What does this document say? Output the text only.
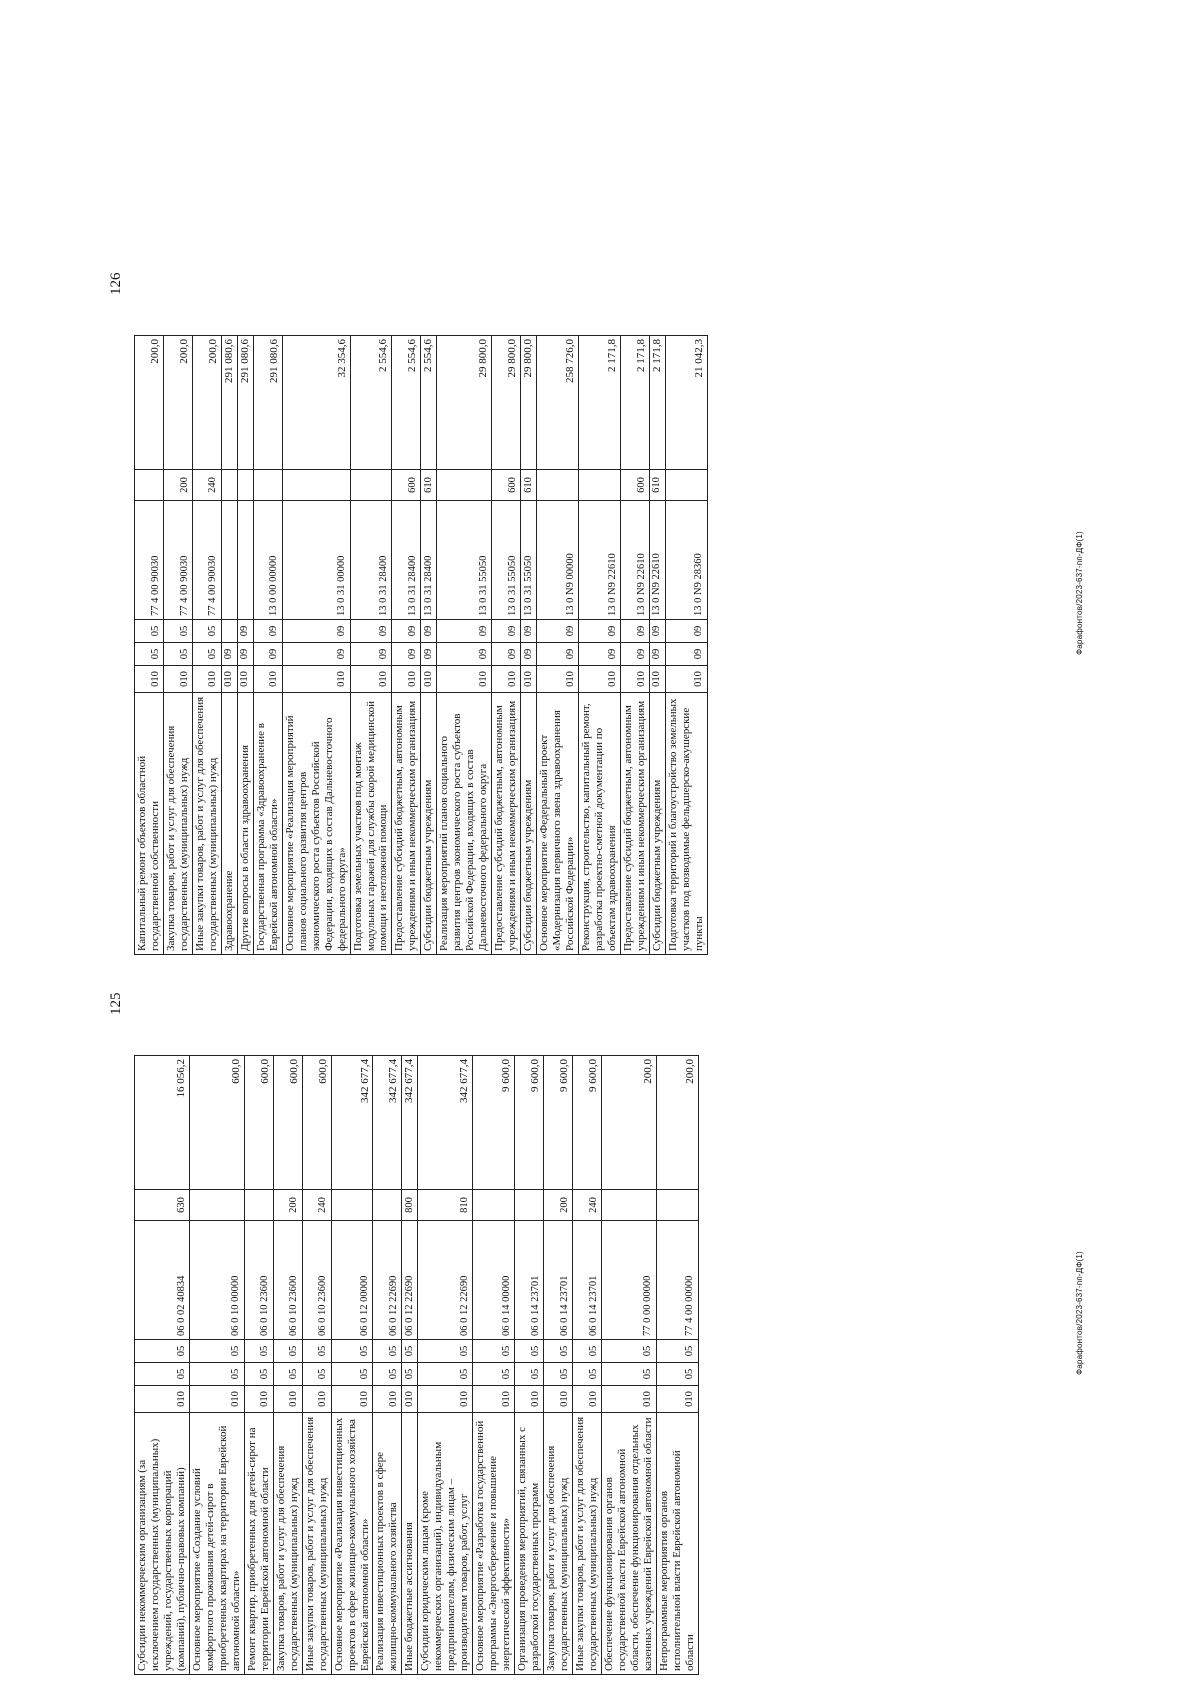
125
Субсидии некоммерческим организациям (за исключением государственных (муниципальных) учреждений, государственных корпораций (компаний), публично-правовых компаний)	010	05	05	06 0 02 40834	630	16 056,2
Основное мероприятие «Создание условий комфортного проживания детей-сирот в приобретенных квартирах на территории Еврейской автономной области»	010	05	05	06 0 10 00000		600,0
Ремонт квартир, приобретенных для детей-сирот на территории Еврейской автономной области	010	05	05	06 0 10 23600		600,0
Закупка товаров, работ и услуг для обеспечения государственных (муниципальных) нужд	010	05	05	06 0 10 23600	200	600,0
Иные закупки товаров, работ и услуг для обеспечения государственных (муниципальных) нужд	010	05	05	06 0 10 23600	240	600,0
Основное мероприятие «Реализация инвестиционных проектов в сфере жилищно-коммунального хозяйства Еврейской автономной области»	010	05	05	06 0 12 00000		342 677,4
Реализация инвестиционных проектов в сфере жилищно-коммунального хозяйства	010	05	05	06 0 12 22690		342 677,4
Иные бюджетные ассигнования	010	05	05	06 0 12 22690	800	342 677,4
Субсидии юридическим лицам (кроме некоммерческих организаций), индивидуальным предпринимателям, физическим лицам – производителям товаров, работ, услуг	010	05	05	06 0 12 22690	810	342 677,4
Основное мероприятие «Разработка государственной программы «Энергосбережение и повышение энергетической эффективности»	010	05	05	06 0 14 00000		9 600,0
Организация проведения мероприятий, связанных с разработкой государственных программ	010	05	05	06 0 14 23701		9 600,0
Закупка товаров, работ и услуг для обеспечения государственных (муниципальных) нужд	010	05	05	06 0 14 23701	200	9 600,0
Иные закупки товаров, работ и услуг для обеспечения государственных (муниципальных) нужд	010	05	05	06 0 14 23701	240	9 600,0
Обеспечение функционирования органов государственной власти Еврейской автономной области, обеспечение функционирования отдельных казенных учреждений Еврейской автономной области	010	05	05	77 0 00 00000		200,0
Непрограммные мероприятия органов исполнительной власти Еврейской автономной области	010	05	05	77 4 00 00000		200,0
Фарафонтов/2023-637-пп-ДФ(1)
126
Капитальный ремонт объектов областной государственной собственности	010	05	05	77 4 00 90030		200,0
Закупка товаров, работ и услуг для обеспечения государственных (муниципальных) нужд	010	05	05	77 4 00 90030	200	200,0
Иные закупки товаров, работ и услуг для обеспечения государственных (муниципальных) нужд	010	05	05	77 4 00 90030	240	200,0
Здравоохранение	010	09				291 080,6
Другие вопросы в области здравоохранения	010	09	09			291 080,6
Государственная программа «Здравоохранение в Еврейской автономной области»	010	09	09	13 0 00 00000		291 080,6
Основное мероприятие «Реализация мероприятий планов социального развития центров экономического роста субъектов Российской Федерации, входящих в состав Дальневосточного федерального округа»	010	09	09	13 0 31 00000		32 354,6
Подготовка земельных участков под монтаж модульных гаражей для службы скорой медицинской помощи и неотложной помощи	010	09	09	13 0 31 28400		2 554,6
Предоставление субсидий бюджетным, автономным учреждениям и иным некоммерческим организациям	010	09	09	13 0 31 28400	600	2 554,6
Субсидии бюджетным учреждениям	010	09	09	13 0 31 28400	610	2 554,6
Реализация мероприятий планов социального развития центров экономического роста субъектов Российской Федерации, входящих в состав Дальневосточного федерального округа	010	09	09	13 0 31 55050		29 800,0
Предоставление субсидий бюджетным, автономным учреждениям и иным некоммерческим организациям	010	09	09	13 0 31 55050	600	29 800,0
Субсидии бюджетным учреждениям	010	09	09	13 0 31 55050	610	29 800,0
Основное мероприятие «Федеральный проект «Модернизация первичного звена здравоохранения Российской Федерации»	010	09	09	13 0 N9 00000		258 726,0
Реконструкция, строительство, капитальный ремонт, разработка проектно-сметной документации по объектам здравоохранения	010	09	09	13 0 N9 22610		2 171,8
Предоставление субсидий бюджетным, автономным учреждениям и иным некоммерческим организациям	010	09	09	13 0 N9 22610	600	2 171,8
Субсидии бюджетным учреждениям	010	09	09	13 0 N9 22610	610	2 171,8
Подготовка территорий и благоустройство земельных участков под возводимые фельдшерско-акушерские пункты	010	09	09	13 0 N9 28360		21 042,3
Фарафонтов/2023-637-пп-ДФ(1)
